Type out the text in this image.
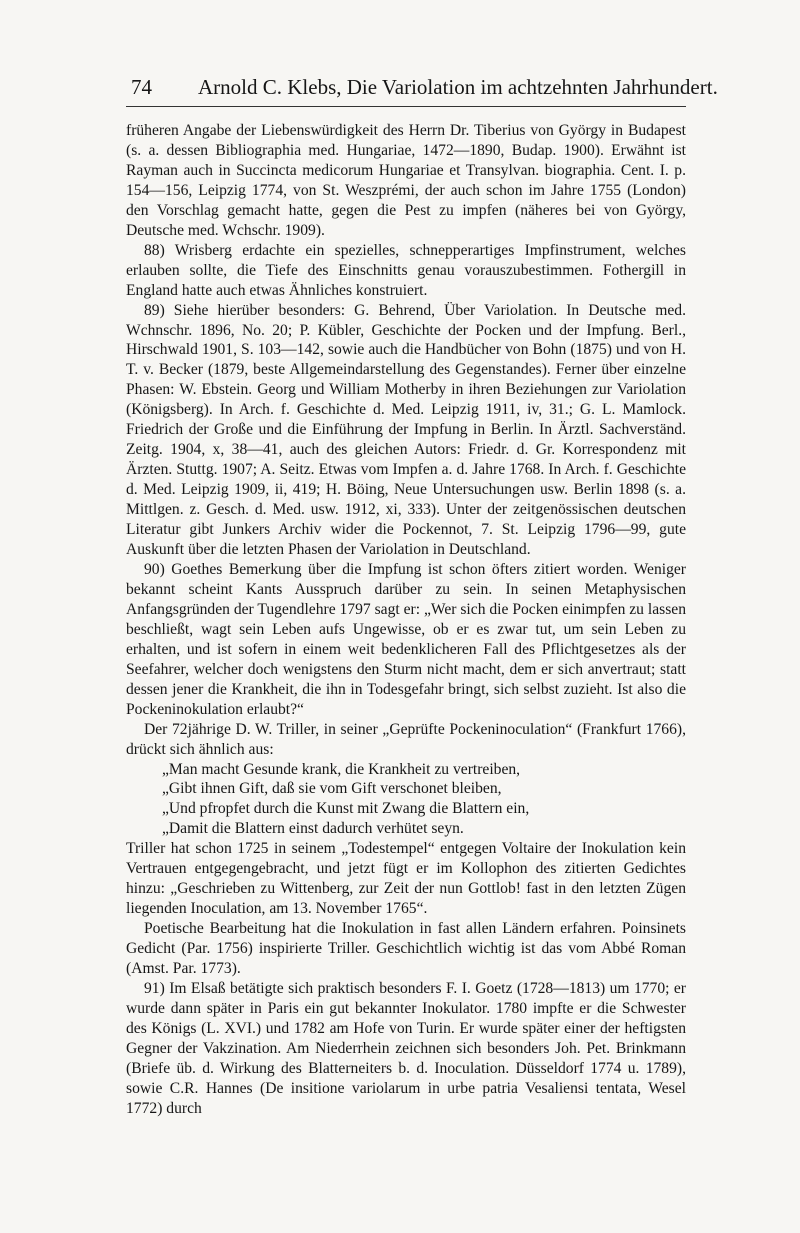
74 Arnold C. Klebs, Die Variolation im achtzehnten Jahrhundert.

früheren Angabe der Liebenswürdigkeit des Herrn Dr. Tiberius von György in Budapest (s. a. dessen Bibliographia med. Hungariae, 1472—1890, Budap. 1900). Erwähnt ist Rayman auch in Succincta medicorum Hungariae et Transylvan. biographia. Cent. I. p. 154—156, Leipzig 1774, von St. Weszprémi, der auch schon im Jahre 1755 (London) den Vorschlag gemacht hatte, gegen die Pest zu impfen (näheres bei von György, Deutsche med. Wchschr. 1909).

88) Wrisberg erdachte ein spezielles, schnepperartiges Impfinstrument, welches erlauben sollte, die Tiefe des Einschnitts genau vorauszubestimmen. Fothergill in England hatte auch etwas Ähnliches konstruiert.

89) Siehe hierüber besonders: G. Behrend, Über Variolation. In Deutsche med. Wchnschr. 1896, No. 20; P. Kübler, Geschichte der Pocken und der Impfung. Berl., Hirschwald 1901, S. 103—142, sowie auch die Handbücher von Bohn (1875) und von H. T. v. Becker (1879, beste Allgemeindarstellung des Gegenstandes). Ferner über einzelne Phasen: W. Ebstein. Georg und William Motherby in ihren Beziehungen zur Variolation (Königsberg). In Arch. f. Geschichte d. Med. Leipzig 1911, iv, 31.; G. L. Mamlock. Friedrich der Große und die Einführung der Impfung in Berlin. In Ärztl. Sachverständ. Zeitg. 1904, x, 38—41, auch des gleichen Autors: Friedr. d. Gr. Korrespondenz mit Ärzten. Stuttg. 1907; A. Seitz. Etwas vom Impfen a. d. Jahre 1768. In Arch. f. Geschichte d. Med. Leipzig 1909, ii, 419; H. Böing, Neue Untersuchungen usw. Berlin 1898 (s. a. Mittlgen. z. Gesch. d. Med. usw. 1912, xi, 333). Unter der zeitgenössischen deutschen Literatur gibt Junkers Archiv wider die Pockennot, 7. St. Leipzig 1796—99, gute Auskunft über die letzten Phasen der Variolation in Deutschland.

90) Goethes Bemerkung über die Impfung ist schon öfters zitiert worden. Weniger bekannt scheint Kants Ausspruch darüber zu sein. In seinen Metaphysischen Anfangsgründen der Tugendlehre 1797 sagt er: „Wer sich die Pocken einimpfen zu lassen beschließt, wagt sein Leben aufs Ungewisse, ob er es zwar tut, um sein Leben zu erhalten, und ist sofern in einem weit bedenklicheren Fall des Pflichtgesetzes als der Seefahrer, welcher doch wenigstens den Sturm nicht macht, dem er sich anvertraut; statt dessen jener die Krankheit, die ihn in Todesgefahr bringt, sich selbst zuzieht. Ist also die Pockeninokulation erlaubt?“

Der 72jährige D. W. Triller, in seiner „Geprüfte Pockeninoculation“ (Frankfurt 1766), drückt sich ähnlich aus:

„Man macht Gesunde krank, die Krankheit zu vertreiben,

„Gibt ihnen Gift, daß sie vom Gift verschonet bleiben,

„Und pfropfet durch die Kunst mit Zwang die Blattern ein,

„Damit die Blattern einst dadurch verhütet seyn.

Triller hat schon 1725 in seinem „Todestempel“ entgegen Voltaire der Inokulation kein Vertrauen entgegengebracht, und jetzt fügt er im Kollophon des zitierten Gedichtes hinzu: „Geschrieben zu Wittenberg, zur Zeit der nun Gottlob! fast in den letzten Zügen liegenden Inoculation, am 13. November 1765“.

Poetische Bearbeitung hat die Inokulation in fast allen Ländern erfahren. Poinsinets Gedicht (Par. 1756) inspirierte Triller. Geschichtlich wichtig ist das vom Abbé Roman (Amst. Par. 1773).

91) Im Elsaß betätigte sich praktisch besonders F. I. Goetz (1728—1813) um 1770; er wurde dann später in Paris ein gut bekannter Inokulator. 1780 impfte er die Schwester des Königs (L. XVI.) und 1782 am Hofe von Turin. Er wurde später einer der heftigsten Gegner der Vakzination. Am Niederrhein zeichnen sich besonders Joh. Pet. Brinkmann (Briefe üb. d. Wirkung des Blatterneiters b. d. Inoculation. Düsseldorf 1774 u. 1789), sowie C.R. Hannes (De insitione variolarum in urbe patria Vesaliensi tentata, Wesel 1772) durch
